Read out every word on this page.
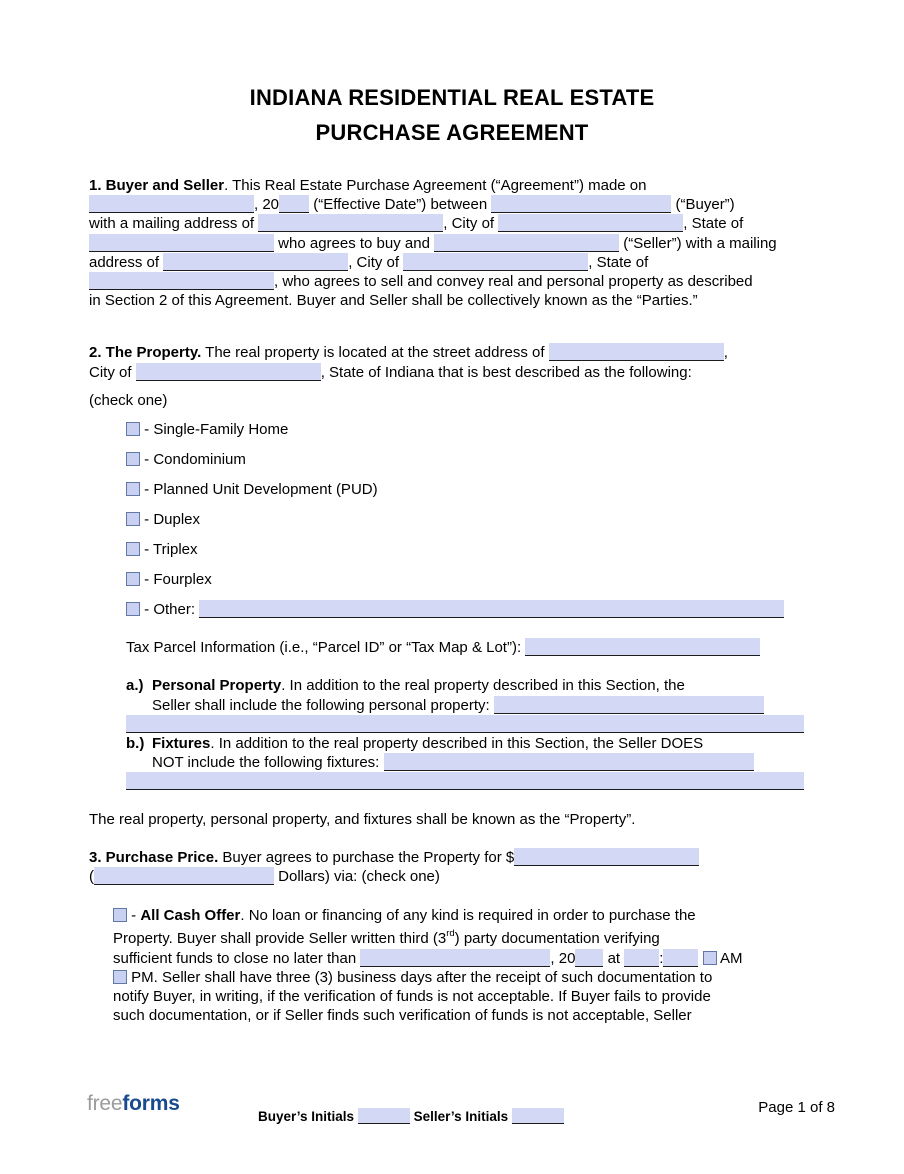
INDIANA RESIDENTIAL REAL ESTATE
PURCHASE AGREEMENT
1. Buyer and Seller. This Real Estate Purchase Agreement (“Agreement”) made on
, 20 (“Effective Date”) between	(“Buyer”)
with a mailing address of	, City of	, State of
who agrees to buy and	(“Seller”) with a mailing
address of	, City of	, State of
, who agrees to sell and convey real and personal property as described
in Section 2 of this Agreement. Buyer and Seller shall be collectively known as the “Parties.”
2. The Property. The real property is located at the street address of	,
City of	, State of Indiana that is best described as the following:
(check one)
- Single-Family Home
- Condominium
- Planned Unit Development (PUD)
- Duplex
- Triplex
- Fourplex
- Other:
Tax Parcel Information (i.e., “Parcel ID” or “Tax Map & Lot”):
a.) Personal Property. In addition to the real property described in this Section, the
Seller shall include the following personal property:
b.) Fixtures. In addition to the real property described in this Section, the Seller DOES
NOT include the following fixtures:
The real property, personal property, and fixtures shall be known as the “Property”.
3. Purchase Price. Buyer agrees to purchase the Property for $
(	Dollars) via: (check one)
- All Cash Offer. No loan or financing of any kind is required in order to purchase the
Property. Buyer shall provide Seller written third (3rd) party documentation verifying
sufficient funds to close no later than	, 20 at :	AM
PM. Seller shall have three (3) business days after the receipt of such documentation to
notify Buyer, in writing, if the verification of funds is not acceptable. If Buyer fails to provide
such documentation, or if Seller finds such verification of funds is not acceptable, Seller
freeforms
Buyer’s Initials	Seller’s Initials
Page 1 of 8
